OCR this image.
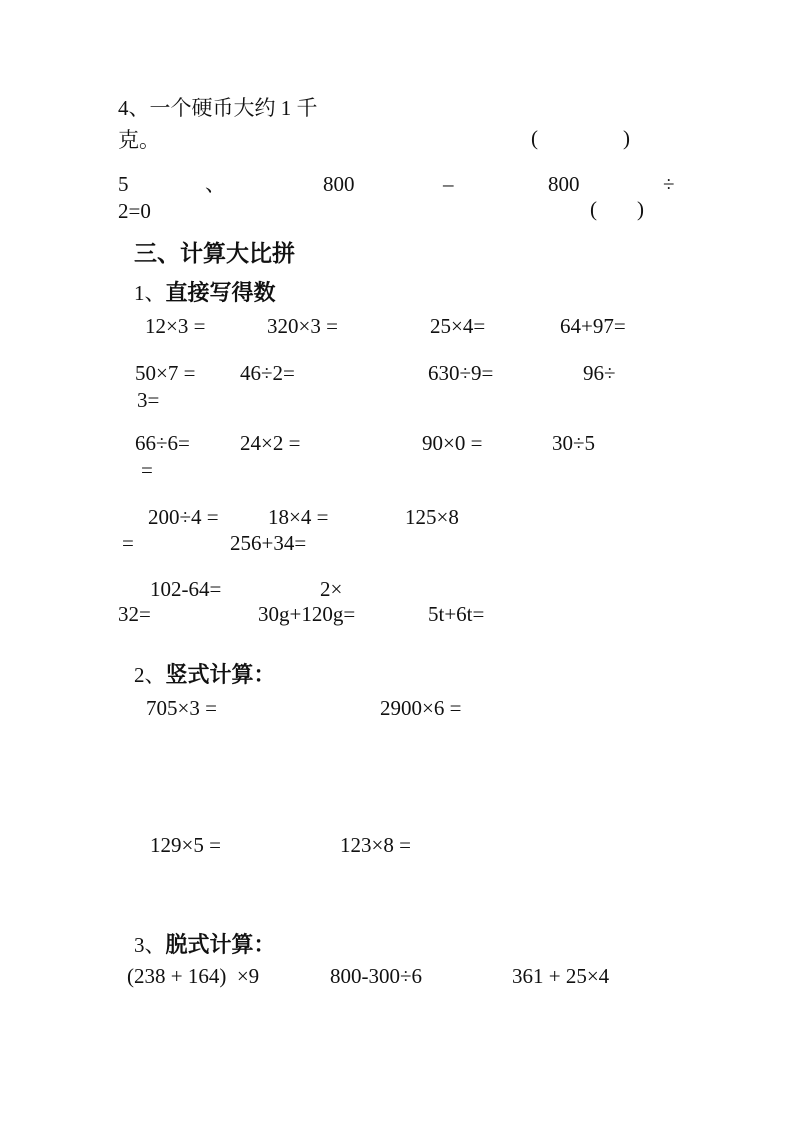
4、一个硬币大约 1 千
克。	(	)
5	、	800	–	800	÷
2=0	( )

三、计算大比拼

1、直接写得数

12×3 =	320×3 =	25×4=	64+97=
50×7 = 46÷2=	630÷9=	96÷
3=
66÷6= 24×2 =	90×0 =	30÷5
=
200÷4 = 18×4 =	125×8
=	256+34=
102-64=	2×
32=	30g+120g=	5t+6t=

2、竖式计算：

705×3 =	2900×6 =
129×5 =	123×8 =

3、脱式计算：

(238 + 164)  ×9	800-300÷6	361 + 25×4
